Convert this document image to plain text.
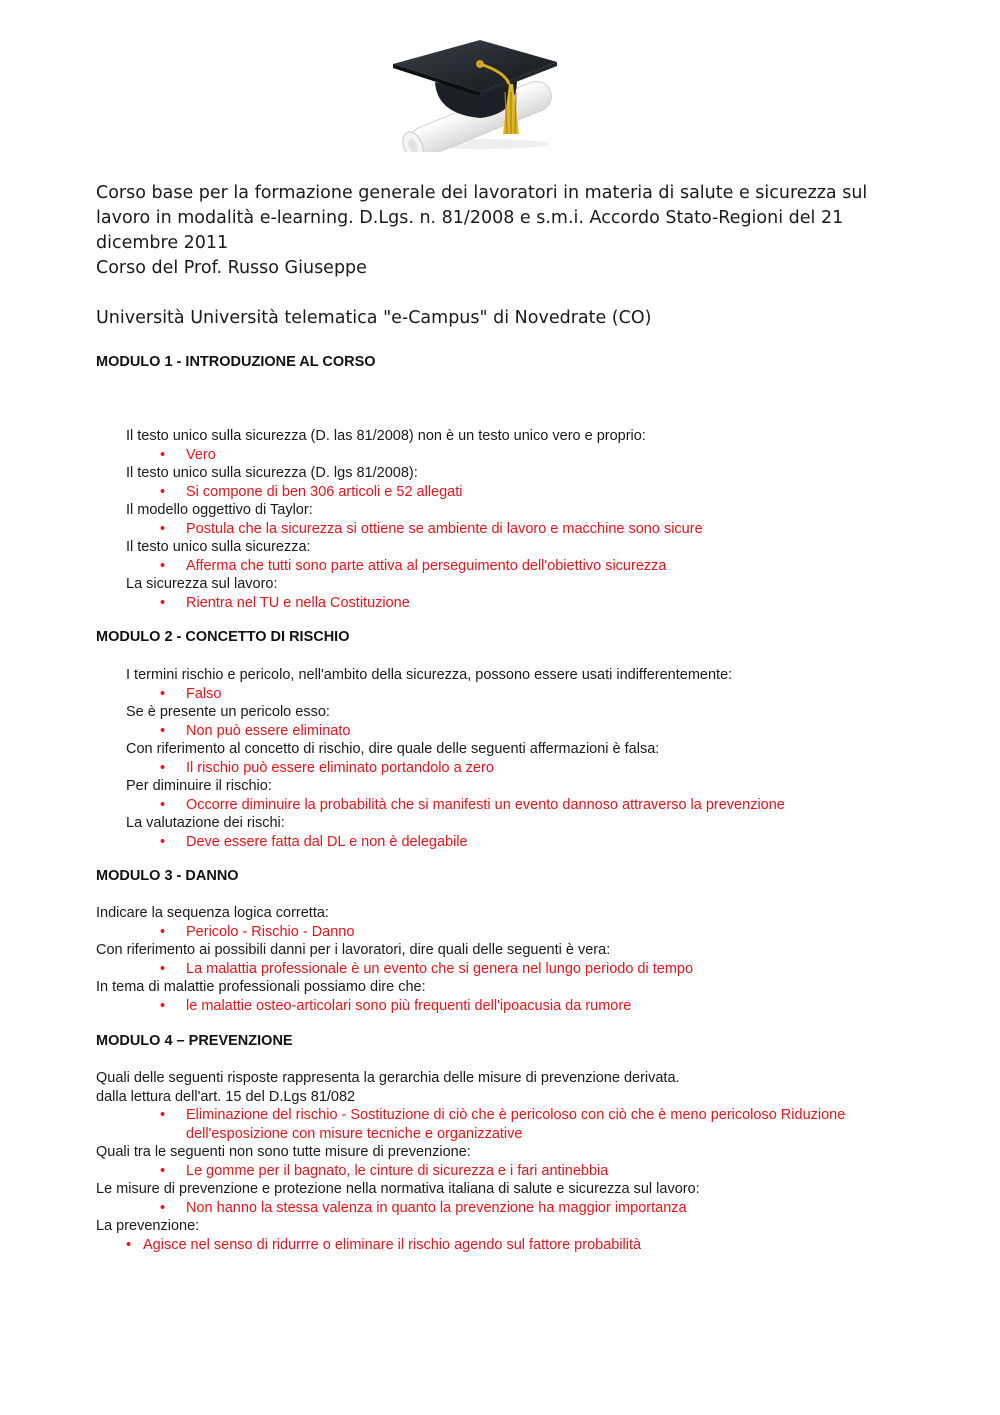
Corso base per la formazione generale dei lavoratori in materia di salute e sicurezza sul lavoro in modalità e-learning. D.Lgs. n. 81/2008 e s.m.i. Accordo Stato-Regioni del 21 dicembre 2011
Corso del Prof. Russo Giuseppe
Università Università telematica "e-Campus" di Novedrate (CO)
MODULO 1 - INTRODUZIONE AL CORSO
Il testo unico sulla sicurezza (D. las 81/2008) non è un testo unico vero e proprio:
• Vero
Il testo unico sulla sicurezza (D. lgs 81/2008):
• Si compone di ben 306 articoli e 52 allegati
Il modello oggettivo di Taylor:
• Postula che la sicurezza si ottiene se ambiente di lavoro e macchine sono sicure
Il testo unico sulla sicurezza:
• Afferma che tutti sono parte attiva al perseguimento dell'obiettivo sicurezza
La sicurezza sul lavoro:
• Rientra nel TU e nella Costituzione
MODULO 2 - CONCETTO DI RISCHIO
I termini rischio e pericolo, nell'ambito della sicurezza, possono essere usati indifferentemente:
• Falso
Se è presente un pericolo esso:
• Non può essere eliminato
Con riferimento al concetto di rischio, dire quale delle seguenti affermazioni è falsa:
• Il rischio può essere eliminato portandolo a zero
Per diminuire il rischio:
• Occorre diminuire la probabilità che si manifesti un evento dannoso attraverso la prevenzione
La valutazione dei rischi:
• Deve essere fatta dal DL e non è delegabile
MODULO 3 - DANNO
Indicare la sequenza logica corretta:
• Pericolo - Rischio - Danno
Con riferimento ai possibili danni per i lavoratori, dire quali delle seguenti è vera:
• La malattia professionale è un evento che si genera nel lungo periodo di tempo
In tema di malattie professionali possiamo dire che:
• le malattie osteo-articolari sono più frequenti dell'ipoacusia da rumore
MODULO 4 – PREVENZIONE
Quali delle seguenti risposte rappresenta la gerarchia delle misure di prevenzione derivata.
dalla lettura dell'art. 15 del D.Lgs 81/082
• Eliminazione del rischio - Sostituzione di ciò che è pericoloso con ciò che è meno pericoloso Riduzione dell'esposizione con misure tecniche e organizzative
Quali tra le seguenti non sono tutte misure di prevenzione:
• Le gomme per il bagnato, le cinture di sicurezza e i fari antinebbia
Le misure di prevenzione e protezione nella normativa italiana di salute e sicurezza sul lavoro:
• Non hanno la stessa valenza in quanto la prevenzione ha maggior importanza
La prevenzione:
• Agisce nel senso di ridurrre o eliminare il rischio agendo sul fattore probabilità
